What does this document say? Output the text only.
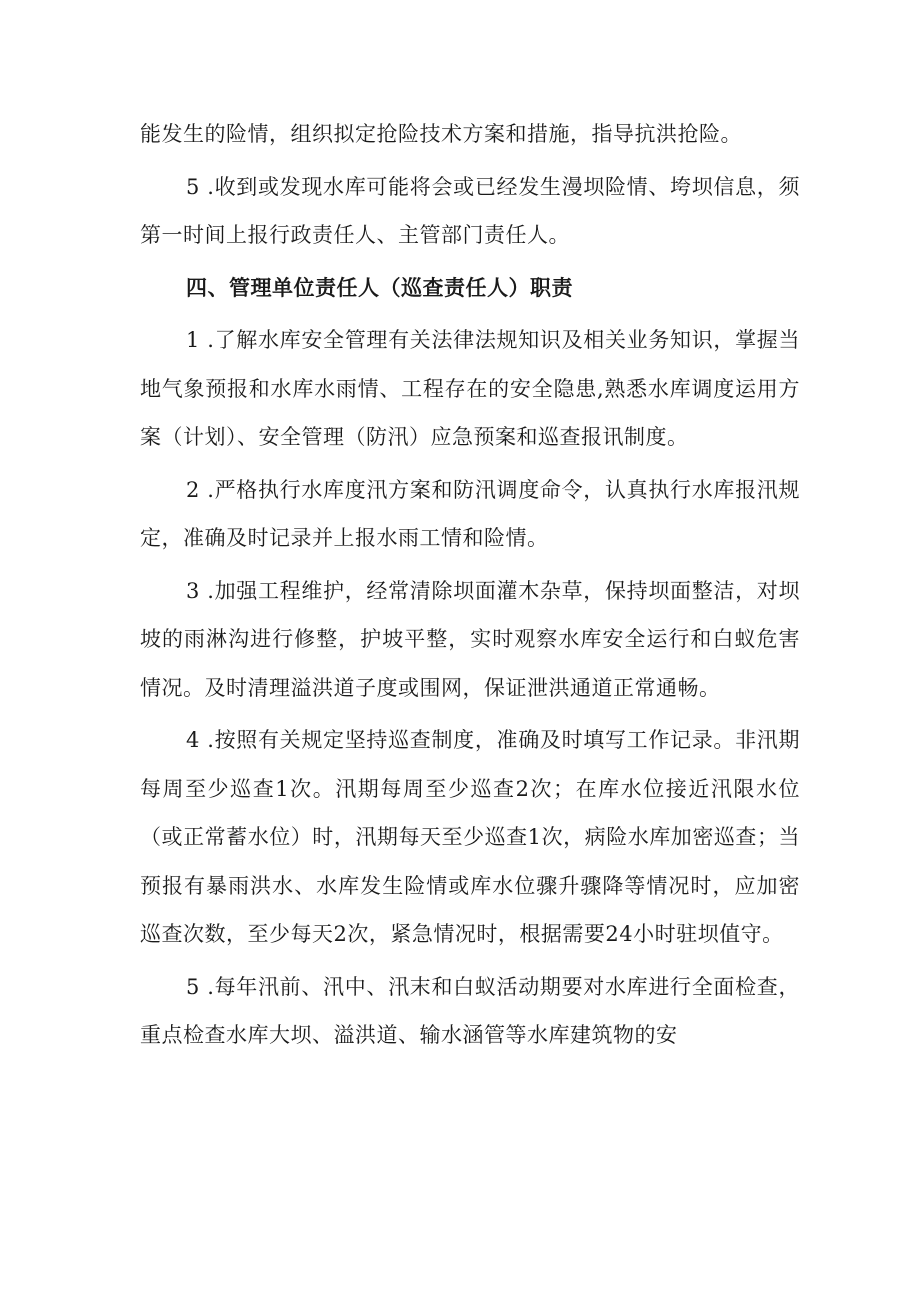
能发生的险情，组织拟定抢险技术方案和措施，指导抗洪抢险。

5 .收到或发现水库可能将会或已经发生漫坝险情、垮坝信息，须第一时间上报行政责任人、主管部门责任人。

四、管理单位责任人（巡查责任人）职责

1 .了解水库安全管理有关法律法规知识及相关业务知识，掌握当地气象预报和水库水雨情、工程存在的安全隐患,熟悉水库调度运用方案（计划）、安全管理（防汛）应急预案和巡查报讯制度。

2 .严格执行水库度汛方案和防汛调度命令，认真执行水库报汛规定，准确及时记录并上报水雨工情和险情。

3 .加强工程维护，经常清除坝面灌木杂草，保持坝面整洁，对坝坡的雨淋沟进行修整，护坡平整，实时观察水库安全运行和白蚁危害情况。及时清理溢洪道子度或围网，保证泄洪通道正常通畅。

4 .按照有关规定坚持巡查制度，准确及时填写工作记录。非汛期每周至少巡查1次。汛期每周至少巡查2次；在库水位接近汛限水位（或正常蓄水位）时，汛期每天至少巡查1次，病险水库加密巡查；当预报有暴雨洪水、水库发生险情或库水位骤升骤降等情况时，应加密巡查次数，至少每天2次，紧急情况时，根据需要24小时驻坝值守。

5 .每年汛前、汛中、汛末和白蚁活动期要对水库进行全面检查，重点检查水库大坝、溢洪道、输水涵管等水库建筑物的安
